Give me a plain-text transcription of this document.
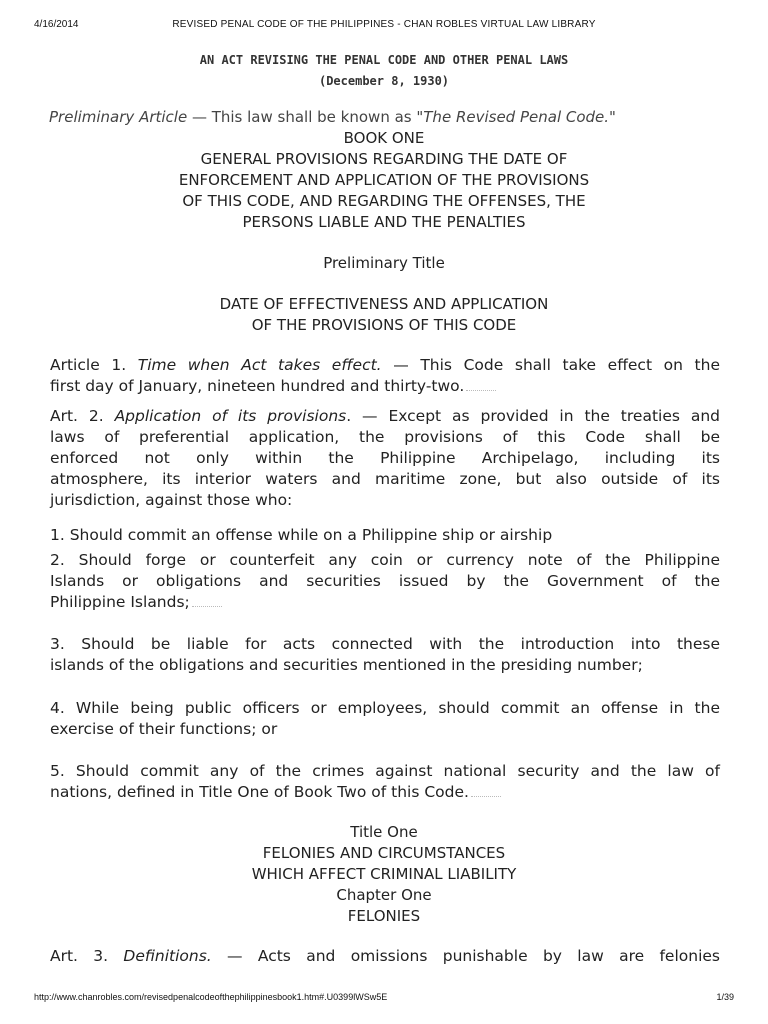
4/16/2014	REVISED PENAL CODE OF THE PHILIPPINES - CHAN ROBLES VIRTUAL LAW LIBRARY
AN ACT REVISING THE PENAL CODE AND OTHER PENAL LAWS
(December 8, 1930)
Preliminary Article — This law shall be known as "The Revised Penal Code."
BOOK ONE
GENERAL PROVISIONS REGARDING THE DATE OF
ENFORCEMENT AND APPLICATION OF THE PROVISIONS
OF THIS CODE, AND REGARDING THE OFFENSES, THE
PERSONS LIABLE AND THE PENALTIES
Preliminary Title
DATE OF EFFECTIVENESS AND APPLICATION
OF THE PROVISIONS OF THIS CODE
Article 1. Time when Act takes effect. — This Code shall take effect on the
first day of January, nineteen hundred and thirty-two.
Art. 2. Application of its provisions. — Except as provided in the treaties and
laws of preferential application, the provisions of this Code shall be
enforced not only within the Philippine Archipelago, including its
atmosphere, its interior waters and maritime zone, but also outside of its
jurisdiction, against those who:
1. Should commit an offense while on a Philippine ship or airship
2. Should forge or counterfeit any coin or currency note of the Philippine
Islands or obligations and securities issued by the Government of the
Philippine Islands;
3. Should be liable for acts connected with the introduction into these
islands of the obligations and securities mentioned in the presiding number;
4. While being public officers or employees, should commit an offense in the
exercise of their functions; or
5. Should commit any of the crimes against national security and the law of
nations, defined in Title One of Book Two of this Code.
Title One
FELONIES AND CIRCUMSTANCES
WHICH AFFECT CRIMINAL LIABILITY
Chapter One
FELONIES
Art. 3. Definitions. — Acts and omissions punishable by law are felonies
http://www.chanrobles.com/revisedpenalcodeofthephilippinesbook1.htm#.U0399lWSw5E	1/39
